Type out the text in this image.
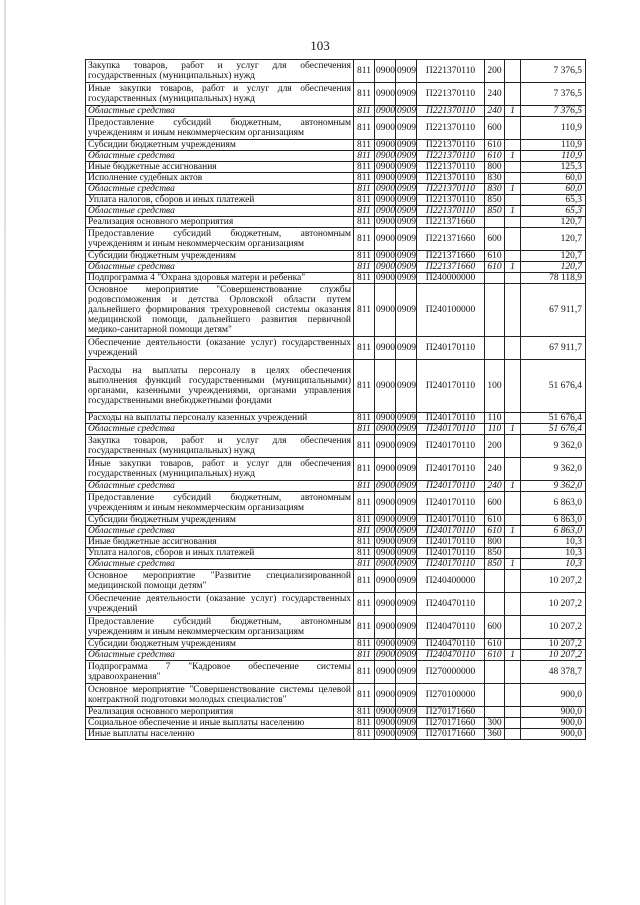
103
Закупка товаров, работ и услуг для обеспечения государственных (муниципальных) нужд	811	0900	0909	П221370110	200		7 376,5
Иные закупки товаров, работ и услуг для обеспечения государственных (муниципальных) нужд	811	0900	0909	П221370110	240		7 376,5
Областные средства	811	0900	0909	П221370110	240	1	7 376,5
Предоставление субсидий бюджетным, автономным учреждениям и иным некоммерческим организациям	811	0900	0909	П221370110	600		110,9
Субсидии бюджетным учреждениям	811	0900	0909	П221370110	610		110,9
Областные средства	811	0900	0909	П221370110	610	1	110,9
Иные бюджетные ассигнования	811	0900	0909	П221370110	800		125,3
Исполнение судебных актов	811	0900	0909	П221370110	830		60,0
Областные средства	811	0900	0909	П221370110	830	1	60,0
Уплата налогов, сборов и иных платежей	811	0900	0909	П221370110	850		65,3
Областные средства	811	0900	0909	П221370110	850	1	65,3
Реализация основного мероприятия	811	0900	0909	П221371660			120,7
Предоставление субсидий бюджетным, автономным учреждениям и иным некоммерческим организациям	811	0900	0909	П221371660	600		120,7
Субсидии бюджетным учреждениям	811	0900	0909	П221371660	610		120,7
Областные средства	811	0900	0909	П221371660	610	1	120,7
Подпрограмма 4 "Охрана здоровья матери и ребенка"	811	0900	0909	П240000000			78 118,9
Основное мероприятие "Совершенствование службы родовспоможения и детства Орловской области путем дальнейшего формирования трехуровневой системы оказания медицинской помощи, дальнейшего развития первичной медико-санитарной помощи детям"	811	0900	0909	П240100000			67 911,7
Обеспечение деятельности (оказание услуг) государственных учреждений	811	0900	0909	П240170110			67 911,7
Расходы на выплаты персоналу в целях обеспечения выполнения функций государственными (муниципальными) органами, казенными учреждениями, органами управления государственными внебюджетными фондами	811	0900	0909	П240170110	100		51 676,4
Расходы на выплаты персоналу казенных учреждений	811	0900	0909	П240170110	110		51 676,4
Областные средства	811	0900	0909	П240170110	110	1	51 676,4
Закупка товаров, работ и услуг для обеспечения государственных (муниципальных) нужд	811	0900	0909	П240170110	200		9 362,0
Иные закупки товаров, работ и услуг для обеспечения государственных (муниципальных) нужд	811	0900	0909	П240170110	240		9 362,0
Областные средства	811	0900	0909	П240170110	240	1	9 362,0
Предоставление субсидий бюджетным, автономным учреждениям и иным некоммерческим организациям	811	0900	0909	П240170110	600		6 863,0
Субсидии бюджетным учреждениям	811	0900	0909	П240170110	610		6 863,0
Областные средства	811	0900	0909	П240170110	610	1	6 863,0
Иные бюджетные ассигнования	811	0900	0909	П240170110	800		10,3
Уплата налогов, сборов и иных платежей	811	0900	0909	П240170110	850		10,3
Областные средства	811	0900	0909	П240170110	850	1	10,3
Основное мероприятие "Развитие специализированной медицинской помощи детям"	811	0900	0909	П240400000			10 207,2
Обеспечение деятельности (оказание услуг) государственных учреждений	811	0900	0909	П240470110			10 207,2
Предоставление субсидий бюджетным, автономным учреждениям и иным некоммерческим организациям	811	0900	0909	П240470110	600		10 207,2
Субсидии бюджетным учреждениям	811	0900	0909	П240470110	610		10 207,2
Областные средства	811	0900	0909	П240470110	610	1	10 207,2
Подпрограмма 7 "Кадровое обеспечение системы здравоохранения"	811	0900	0909	П270000000			48 378,7
Основное мероприятие "Совершенствование системы целевой контрактной подготовки молодых специалистов"	811	0900	0909	П270100000			900,0
Реализация основного мероприятия	811	0900	0909	П270171660			900,0
Социальное обеспечение и иные выплаты населению	811	0900	0909	П270171660	300		900,0
Иные выплаты населению	811	0900	0909	П270171660	360		900,0
